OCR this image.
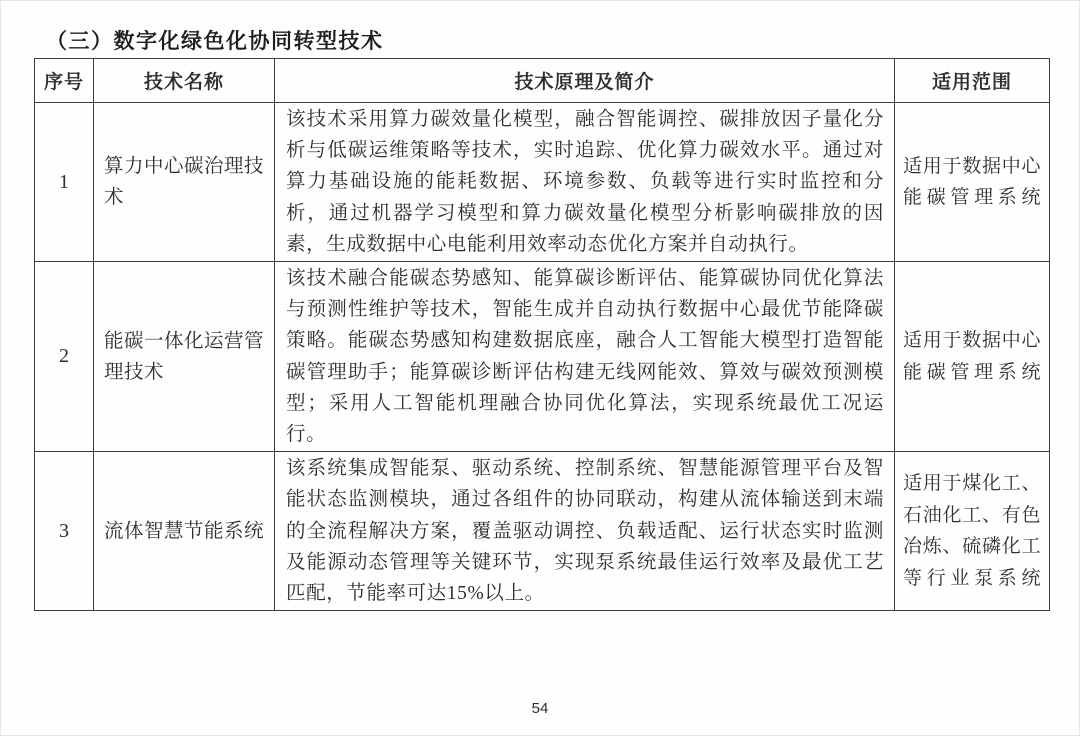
（三）数字化绿色化协同转型技术
序号	技术名称	技术原理及简介	适用范围
1	算力中心碳治理技术	该技术采用算力碳效量化模型，融合智能调控、碳排放因子量化分析与低碳运维策略等技术，实时追踪、优化算力碳效水平。通过对算力基础设施的能耗数据、环境参数、负载等进行实时监控和分析，通过机器学习模型和算力碳效量化模型分析影响碳排放的因素，生成数据中心电能利用效率动态优化方案并自动执行。	适用于数据中心能碳管理系统
2	能碳一体化运营管理技术	该技术融合能碳态势感知、能算碳诊断评估、能算碳协同优化算法与预测性维护等技术，智能生成并自动执行数据中心最优节能降碳策略。能碳态势感知构建数据底座，融合人工智能大模型打造智能碳管理助手；能算碳诊断评估构建无线网能效、算效与碳效预测模型；采用人工智能机理融合协同优化算法，实现系统最优工况运行。	适用于数据中心能碳管理系统
3	流体智慧节能系统	该系统集成智能泵、驱动系统、控制系统、智慧能源管理平台及智能状态监测模块，通过各组件的协同联动，构建从流体输送到末端的全流程解决方案，覆盖驱动调控、负载适配、运行状态实时监测及能源动态管理等关键环节，实现泵系统最佳运行效率及最优工艺匹配，节能率可达15%以上。	适用于煤化工、石油化工、有色冶炼、硫磷化工等行业泵系统
54
